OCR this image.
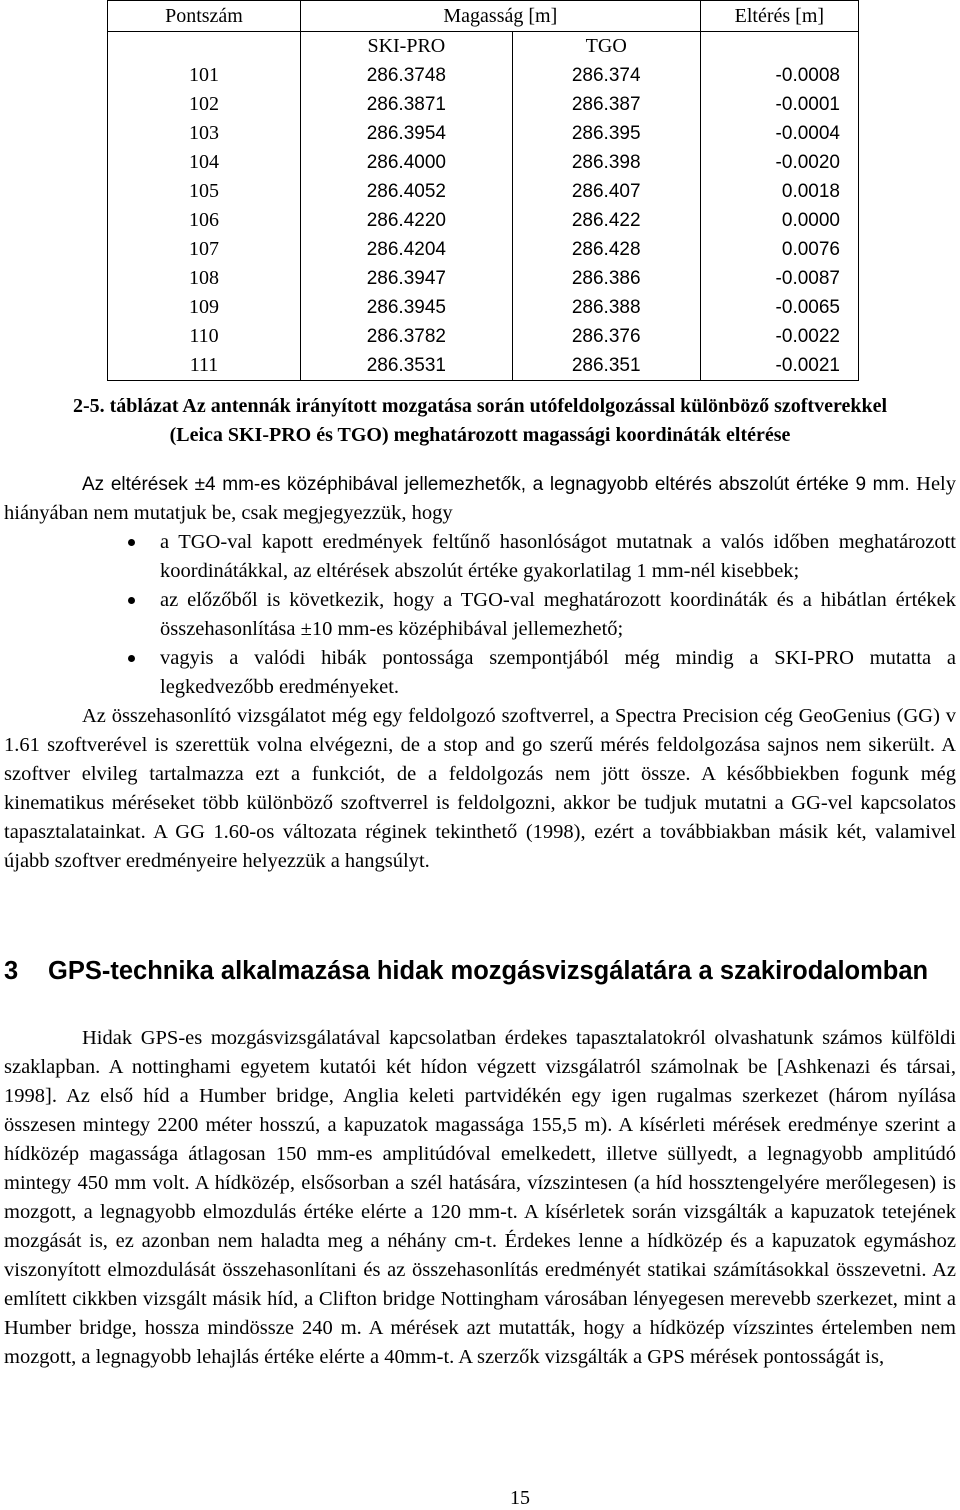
Pontszám	Magasság [m]		Eltérés [m]
	SKI-PRO	TGO	
101	286.3748	286.374	-0.0008
102	286.3871	286.387	-0.0001
103	286.3954	286.395	-0.0004
104	286.4000	286.398	-0.0020
105	286.4052	286.407	0.0018
106	286.4220	286.422	0.0000
107	286.4204	286.428	0.0076
108	286.3947	286.386	-0.0087
109	286.3945	286.388	-0.0065
110	286.3782	286.376	-0.0022
111	286.3531	286.351	-0.0021
2-5. táblázat Az antennák irányított mozgatása során utófeldolgozással különböző szoftverekkel
(Leica SKI-PRO és TGO) meghatározott magassági koordináták eltérése

Az eltérések ±4 mm-es középhibával jellemezhetők, a legnagyobb eltérés abszolút értéke 9 mm. Hely hiányában nem mutatjuk be, csak megjegyezzük, hogy

a TGO-val kapott eredmények feltűnő hasonlóságot mutatnak a valós időben meghatározott koordinátákkal, az eltérések abszolút értéke gyakorlatilag 1 mm-nél kisebbek;
az előzőből is következik, hogy a TGO-val meghatározott koordináták és a hibátlan értékek összehasonlítása ±10 mm-es középhibával jellemezhető;
vagyis a valódi hibák pontossága szempontjából még mindig a SKI-PRO mutatta a legkedvezőbb eredményeket.

Az összehasonlító vizsgálatot még egy feldolgozó szoftverrel, a Spectra Precision cég GeoGenius (GG) v 1.61 szoftverével is szerettük volna elvégezni, de a stop and go szerű mérés feldolgozása sajnos nem sikerült. A szoftver elvileg tartalmazza ezt a funkciót, de a feldolgozás nem jött össze. A későbbiekben fogunk még kinematikus méréseket több különböző szoftverrel is feldolgozni, akkor be tudjuk mutatni a GG-vel kapcsolatos tapasztalatainkat. A GG 1.60-os változata réginek tekinthető (1998), ezért a továbbiakban másik két, valamivel újabb szoftver eredményeire helyezzük a hangsúlyt.

3	GPS-technika alkalmazása hidak mozgásvizsgálatára a szakirodalomban

Hidak GPS-es mozgásvizsgálatával kapcsolatban érdekes tapasztalatokról olvashatunk számos külföldi szaklapban. A nottinghami egyetem kutatói két hídon végzett vizsgálatról számolnak be [Ashkenazi és társai, 1998]. Az első híd a Humber bridge, Anglia keleti partvidékén egy igen rugalmas szerkezet (három nyílása összesen mintegy 2200 méter hosszú, a kapuzatok magassága 155,5 m). A kísérleti mérések eredménye szerint a hídközép magassága átlagosan 150 mm-es amplitúdóval emelkedett, illetve süllyedt, a legnagyobb amplitúdó mintegy 450 mm volt. A hídközép, elsősorban a szél hatására, vízszintesen (a híd hossztengelyére merőlegesen) is mozgott, a legnagyobb elmozdulás értéke elérte a 120 mm-t. A kísérletek során vizsgálták a kapuzatok tetejének mozgását is, ez azonban nem haladta meg a néhány cm-t. Érdekes lenne a hídközép és a kapuzatok egymáshoz viszonyított elmozdulását összehasonlítani és az összehasonlítás eredményét statikai számításokkal összevetni. Az említett cikkben vizsgált másik híd, a Clifton bridge Nottingham városában lényegesen merevebb szerkezet, mint a Humber bridge, hossza mindössze 240 m. A mérések azt mutatták, hogy a hídközép vízszintes értelemben nem mozgott, a legnagyobb lehajlás értéke elérte a 40mm-t. A szerzők vizsgálták a GPS mérések pontosságát is,

15
